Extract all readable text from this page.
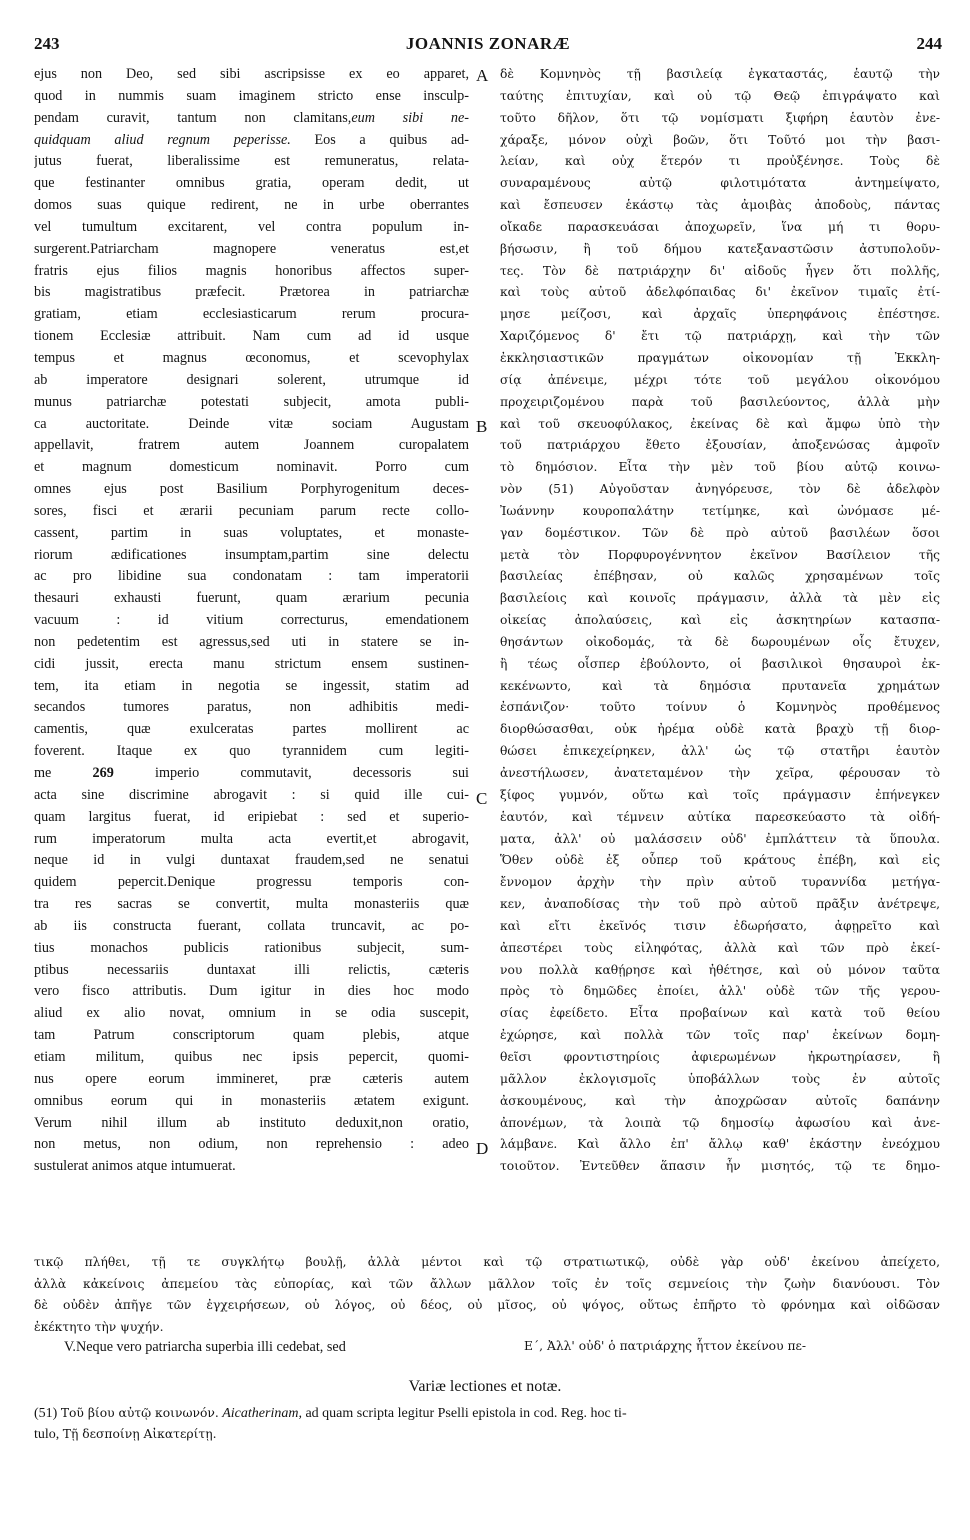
243	JOANNIS ZONARÆ	244
ejus non Deo, sed sibi ascripsisse ex eo apparet,
quod in nummis suam imaginem stricto ense insculp-
pendam curavit, tantum non clamitans,eum sibi ne-
quidquam aliud regnum peperisse. Eos a quibus ad-
jutus fuerat, liberalissime est remuneratus, relata-
que festinanter omnibus gratia, operam dedit, ut
domos suas quique redirent, ne in urbe oberrantes
vel tumultum excitarent, vel contra populum in-
surgerent.Patriarcham magnopere veneratus est,et
fratris ejus filios magnis honoribus affectos super-
bis magistratibus præfecit. Prætorea in patriarchæ
gratiam, etiam ecclesiasticarum rerum procura-
tionem Ecclesiæ attribuit. Nam cum ad id usque
tempus et magnus œconomus, et scevophylax
ab imperatore designari solerent, utrumque id
munus patriarchæ potestati subjecit, amota publi-
ca auctoritate. Deinde vitæ sociam Augustam
appellavit, fratrem autem Joannem curopalatem
et magnum domesticum nominavit. Porro cum
omnes ejus post Basilium Porphyrogenitum deces-
sores, fisci et ærarii pecuniam parum recte collo-
cassent, partim in suas voluptates, et monaste-
riorum ædificationes insumptam,partim sine delectu
ac pro libidine sua condonatam : tam imperatorii
thesauri exhausti fuerunt, quam ærarium pecunia
vacuum : id vitium correcturus, emendationem
non pedetentim est agressus,sed uti in statere se in-
cidi jussit, erecta manu strictum ensem sustinen-
tem, ita etiam in negotia se ingessit, statim ad
secandos tumores paratus, non adhibitis medi-
camentis, quæ exulceratas partes mollirent ac
foverent. Itaque ex quo tyrannidem cum legiti-
me 269 imperio commutavit, decessoris sui
acta sine discrimine abrogavit : si quid ille cui-
quam largitus fuerat, id eripiebat : sed et superio-
rum imperatorum multa acta evertit,et abrogavit,
neque id in vulgi duntaxat fraudem,sed ne senatui
quidem pepercit.Denique progressu temporis con-
tra res sacras se convertit, multa monasteriis quæ
ab iis constructa fuerant, collata truncavit, ac po-
tius monachos publicis rationibus subjecit, sum-
ptibus necessariis duntaxat illi relictis, cæteris
vero fisco attributis. Dum igitur in dies hoc modo
aliud ex alio novat, omnium in se odia suscepit,
tam Patrum conscriptorum quam plebis, atque
etiam militum, quibus nec ipsis pepercit, quomi-
nus opere eorum immineret, præ cæteris autem
omnibus eorum qui in monasteriis ætatem exigunt.
Verum nihil illum ab instituto deduxit,non oratio,
non metus, non odium, non reprehensio : adeo
sustulerat animos atque intumuerat.
A
B
C
D
δὲ Κομνηνὸς τῇ βασιλείᾳ ἐγκαταστάς, ἑαυτῷ τὴν
ταύτης ἐπιτυχίαν, καὶ οὐ τῷ Θεῷ ἐπιγράψατο καὶ
τοῦτο δῆλον, ὅτι τῷ νομίσματι ξιφήρη ἑαυτὸν ἐνε-
χάραξε, μόνον οὐχὶ βοῶν, ὅτι Τοῦτό μοι τὴν βασι-
λείαν, καὶ οὐχ ἕτερόν τι προὐξένησε. Τοὺς δὲ
συναραμένους αὐτῷ φιλοτιμότατα ἀντημείψατο,
καὶ ἔσπευσεν ἑκάστῳ τὰς ἀμοιβὰς ἀποδοὺς, πάντας
οἴκαδε παρασκευάσαι ἀποχωρεῖν, ἵνα μή τι θορυ-
βήσωσιν, ἢ τοῦ δήμου κατεξαναστῶσιν ἀστυπολοῦν-
τες. Τὸν δὲ πατριάρχην δι' αἰδοῦς ἦγεν ὅτι πολλῆς,
καὶ τοὺς αὐτοῦ ἀδελφόπαιδας δι' ἐκεῖνον τιμαῖς ἐτί-
μησε μείζοσι, καὶ ἀρχαῖς ὑπερηφάνοις ἐπέστησε.
Χαριζόμενος δ' ἔτι τῷ πατριάρχῃ, καὶ τὴν τῶν
ἐκκλησιαστικῶν πραγμάτων οἰκονομίαν τῇ Ἐκκλη-
σίᾳ ἀπένειμε, μέχρι τότε τοῦ μεγάλου οἰκονόμου
προχειριζομένου παρὰ τοῦ βασιλεύοντος, ἀλλὰ μὴν
καὶ τοῦ σκευοφύλακος, ἐκείνας δὲ καὶ ἄμφω ὑπὸ τὴν
τοῦ πατριάρχου ἔθετο ἐξουσίαν, ἀποξενώσας ἀμφοῖν
τὸ δημόσιον. Εἶτα τὴν μὲν τοῦ βίου αὐτῷ κοινω-
νὸν (51) Αὐγοῦσταν ἀνηγόρευσε, τὸν δὲ ἀδελφὸν
Ἰωάννην κουροπαλάτην τετίμηκε, καὶ ὠνόμασε μέ-
γαν δομέστικον. Τῶν δὲ πρὸ αὐτοῦ βασιλέων ὅσοι
μετὰ τὸν Πορφυρογέννητον ἐκεῖνον Βασίλειον τῆς
βασιλείας ἐπέβησαν, οὐ καλῶς χρησαμένων τοῖς
βασιλείοις καὶ κοινοῖς πράγμασιν, ἀλλὰ τὰ μὲν εἰς
οἰκείας ἀπολαύσεις, καὶ εἰς ἀσκητηρίων κατασπα-
θησάντων οἰκοδομάς, τὰ δὲ δωρουμένων οἷς ἔτυχεν,
ἢ τέως οἷσπερ ἐβούλοντο, οἱ βασιλικοὶ θησαυροὶ ἐκ-
κεκένωντο, καὶ τὰ δημόσια πρυτανεῖα χρημάτων
ἐσπάνιζον· τοῦτο τοίνυν ὁ Κομνηνὸς προθέμενος
διορθώσασθαι, οὐκ ἠρέμα οὐδὲ κατὰ βραχὺ τῇ διορ-
θώσει ἐπικεχείρηκεν, ἀλλ' ὡς τῷ στατῆρι ἑαυτὸν
ἀνεστήλωσεν, ἀνατεταμένον τὴν χεῖρα, φέρουσαν τὸ
ξίφος γυμνόν, οὕτω καὶ τοῖς πράγμασιν ἐπήνεγκεν
ἑαυτόν, καὶ τέμνειν αὐτίκα παρεσκεύαστο τὰ οἰδή-
ματα, ἀλλ' οὐ μαλάσσειν οὐδ' ἐμπλάττειν τὰ ὕπουλα.
Ὅθεν οὐδὲ ἐξ οὗπερ τοῦ κράτους ἐπέβη, καὶ εἰς
ἔννομον ἀρχὴν τὴν πρὶν αὐτοῦ τυραννίδα μετήγα-
κεν, ἀναποδίσας τὴν τοῦ πρὸ αὐτοῦ πρᾶξιν ἀνέτρεψε,
καὶ εἴτι ἐκεῖνός τισιν ἐδωρήσατο, ἀφῃρεῖτο καὶ
ἀπεστέρει τοὺς εἰληφότας, ἀλλὰ καὶ τῶν πρὸ ἐκεί-
νου πολλὰ καθῄρησε καὶ ἠθέτησε, καὶ οὐ μόνον ταῦτα
πρὸς τὸ δημῶδες ἐποίει, ἀλλ' οὐδὲ τῶν τῆς γερου-
σίας ἐφείδετο. Εἶτα προβαίνων καὶ κατὰ τοῦ θείου
ἐχώρησε, καὶ πολλὰ τῶν τοῖς παρ' ἐκείνων δομη-
θεῖσι φροντιστηρίοις ἀφιερωμένων ἠκρωτηρίασεν, ἢ
μᾶλλον ἐκλογισμοῖς ὑποβάλλων τοὺς ἐν αὐτοῖς
ἀσκουμένους, καὶ τὴν ἀποχρῶσαν αὐτοῖς δαπάνην
ἀπονέμων, τὰ λοιπὰ τῷ δημοσίῳ ἀφωσίου καὶ ἀνε-
λάμβανε. Καὶ ἄλλο ἐπ' ἄλλῳ καθ' ἑκάστην ἐνεόχμου
τοιοῦτον. Ἐντεῦθεν ἅπασιν ἦν μισητός, τῷ τε δημο-
τικῷ πλήθει, τῇ τε συγκλήτῳ βουλῇ, ἀλλὰ μέντοι καὶ τῷ στρατιωτικῷ, οὐδὲ γὰρ οὐδ' ἐκείνου ἀπείχετο,
ἀλλὰ κἀκείνοις ἀπεμείου τὰς εὐπορίας, καὶ τῶν ἄλλων μᾶλλον τοῖς ἐν τοῖς σεμνείοις τὴν ζωὴν διανύουσι. Τὸν
δὲ οὐδὲν ἀπῆγε τῶν ἐγχειρήσεων, οὐ λόγος, οὐ δέος, οὐ μῖσος, οὐ ψόγος, οὕτως ἐπῆρτο τὸ φρόνημα καὶ οἰδῶσαν
ἐκέκτητο τὴν ψυχήν.
V.Neque vero patriarcha superbia illi cedebat, sed	Ε΄, Ἀλλ' οὐδ' ὁ πατριάρχης ἧττον ἐκείνου πε-
Variæ lectiones et notæ.
(51) Τοῦ βίου αὐτῷ κοινωνόν. Aicatherinam, ad quam scripta legitur Pselli epistola in cod. Reg. hoc ti-
tulo, Τῇ δεσποίνῃ Αἰκατερίτῃ.
